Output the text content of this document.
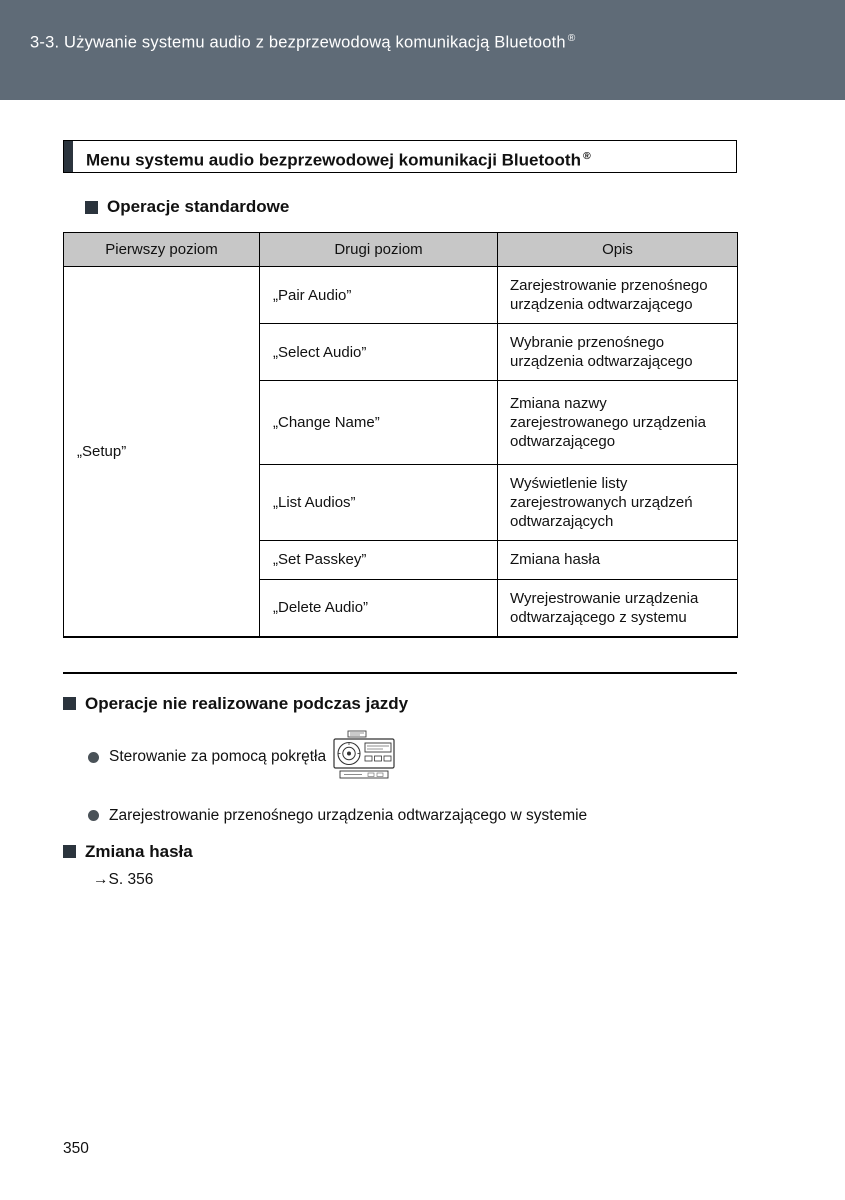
3-3. Używanie systemu audio z bezprzewodową komunikacją Bluetooth ®
Menu systemu audio bezprzewodowej komunikacji Bluetooth ®
Operacje standardowe
Pierwszy poziom	Drugi poziom	Opis
„Setup”	„Pair Audio”	Zarejestrowanie przenośnego urządzenia odtwarzającego
	„Select Audio”	Wybranie przenośnego urządzenia odtwarzającego
	„Change Name”	Zmiana nazwy zarejestrowanego urządzenia odtwarzającego
	„List Audios”	Wyświetlenie listy zarejestrowanych urządzeń odtwarzających
	„Set Passkey”	Zmiana hasła
	„Delete Audio”	Wyrejestrowanie urządzenia odtwarzającego z systemu
Operacje nie realizowane podczas jazdy
Sterowanie za pomocą pokrętła
Zarejestrowanie przenośnego urządzenia odtwarzającego w systemie
Zmiana hasła
→S. 356
350
